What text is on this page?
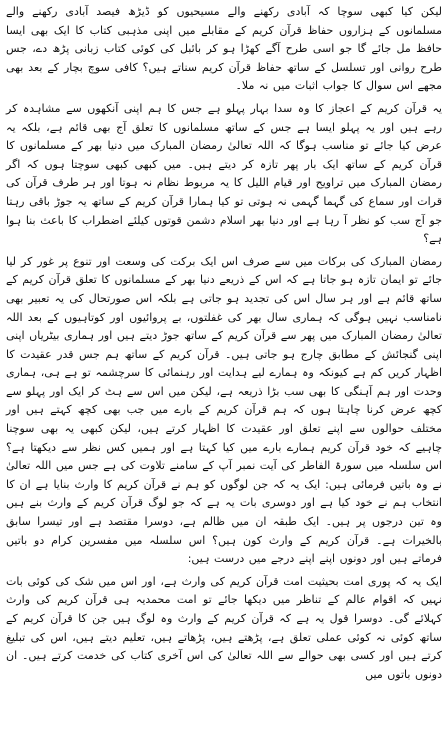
لیکن کیا کبھی سوچا کہ آبادی رکھنے والے مسیحیوں کو ڈیڑھ فیصد آبادی رکھنے والے مسلمانوں کے ہزاروں حفاظ قرآن کریم کے مقابلے میں اپنی مذہبی کتاب کا ایک بھی ایسا حافظ مل جائے گا جو اسی طرح آگے کھڑا ہو کر بائبل کی کوئی کتاب زبانی پڑھ دے، جس طرح روانی اور تسلسل کے ساتھ حفاظ قرآن کریم سناتے ہیں؟ کافی سوچ بچار کے بعد بھی مجھے اس سوال کا جواب اثبات میں نہ ملا۔

یہ قرآن کریم کے اعجاز کا وہ سدا بہار پہلو ہے جس کا ہم اپنی آنکھوں سے مشاہدہ کر رہے ہیں اور یہ پہلو ایسا ہے جس کے ساتھ مسلمانوں کا تعلق آج بھی قائم ہے، بلکہ یہ عرض کیا جائے تو مناسب ہوگا کہ اللہ تعالیٰ رمضان المبارک میں دنیا بھر کے مسلمانوں کا قرآن کریم کے ساتھ ایک بار پھر تازہ کر دیتے ہیں۔ میں کبھی کبھی سوچتا ہوں کہ اگر رمضان المبارک میں تراویح اور قیام اللیل کا یہ مربوط نظام نہ ہوتا اور ہر طرف قرآن کی قرات اور سماع کی گہما گہمی نہ ہوتی تو کیا ہمارا قرآن کریم کے ساتھ یہ جوڑ باقی رہتا جو آج سب کو نظر آ رہا ہے اور دنیا بھر اسلام دشمن قوتوں کیلئے اضطراب کا باعث بنا ہوا ہے؟

رمضان المبارک کی برکات میں سے صرف اس ایک برکت کی وسعت اور تنوع پر غور کر لیا جائے تو ایمان تازہ ہو جاتا ہے کہ اس کے ذریعے دنیا بھر کے مسلمانوں کا تعلق قرآن کریم کے ساتھ قائم ہے اور ہر سال اس کی تجدید ہو جاتی ہے بلکہ اس صورتحال کی یہ تعبیر بھی نامناسب نہیں ہوگی کہ ہماری سال بھر کی غفلتوں، بے پروائیوں اور کوتاہیوں کے بعد اللہ تعالیٰ رمضان المبارک میں پھر سے قرآن کریم کے ساتھ جوڑ دیتے ہیں اور ہماری بیٹریاں اپنی اپنی گنجائش کے مطابق چارج ہو جاتی ہیں۔ قرآن کریم کے ساتھ ہم جس قدر عقیدت کا اظہار کریں کم ہے کیونکہ وہ ہمارے لیے ہدایت اور رہنمائی کا سرچشمہ تو ہے ہی، ہماری وحدت اور ہم آہنگی کا بھی سب بڑا ذریعہ ہے، لیکن میں اس سے ہٹ کر ایک اور پہلو سے کچھ عرض کرنا چاہتا ہوں کہ ہم قرآن کریم کے بارے میں جب بھی کچھ کہتے ہیں اور مختلف حوالوں سے اپنے تعلق اور عقیدت کا اظہار کرتے ہیں، لیکن کبھی یہ بھی سوچنا چاہیے کہ خود قرآن کریم ہمارے بارے میں کیا کہتا ہے اور ہمیں کس نظر سے دیکھتا ہے؟ اس سلسلہ میں سورۃ الفاطر کی آیت نمبر آپ کے سامنے تلاوت کی ہے جس میں اللہ تعالیٰ نے وہ باتیں فرمائی ہیں: ایک یہ کہ جن لوگوں کو ہم نے قرآن کریم کا وارث بنایا ہے ان کا انتخاب ہم نے خود کیا ہے اور دوسری بات یہ ہے کہ جو لوگ قرآن کریم کے وارث بنے ہیں وہ تین درجوں پر ہیں۔ ایک طبقہ ان میں ظالم ہے، دوسرا مقتصد ہے اور تیسرا سابق بالخیرات ہے۔ قرآن کریم کے وارث کون ہیں؟ اس سلسلہ میں مفسرین کرام دو باتیں فرماتے ہیں اور دونوں اپنے اپنے درجے میں درست ہیں:

ایک یہ کہ پوری امت بحیثیت امت قرآن کریم کی وارث ہے، اور اس میں شک کی کوئی بات نہیں کہ اقوام عالم کے تناظر میں دیکھا جائے تو امت محمدیہ ہی قرآن کریم کی وارث کہلائے گی۔ دوسرا قول یہ ہے کہ قرآن کریم کے وارث وہ لوگ ہیں جن کا قرآن کریم کے ساتھ کوئی نہ کوئی عملی تعلق ہے، پڑھتے ہیں، پڑھاتے ہیں، تعلیم دیتے ہیں، اس کی تبلیغ کرتے ہیں اور کسی بھی حوالے سے اللہ تعالیٰ کی اس آخری کتاب کی خدمت کرتے ہیں۔ ان دونوں باتوں میں
